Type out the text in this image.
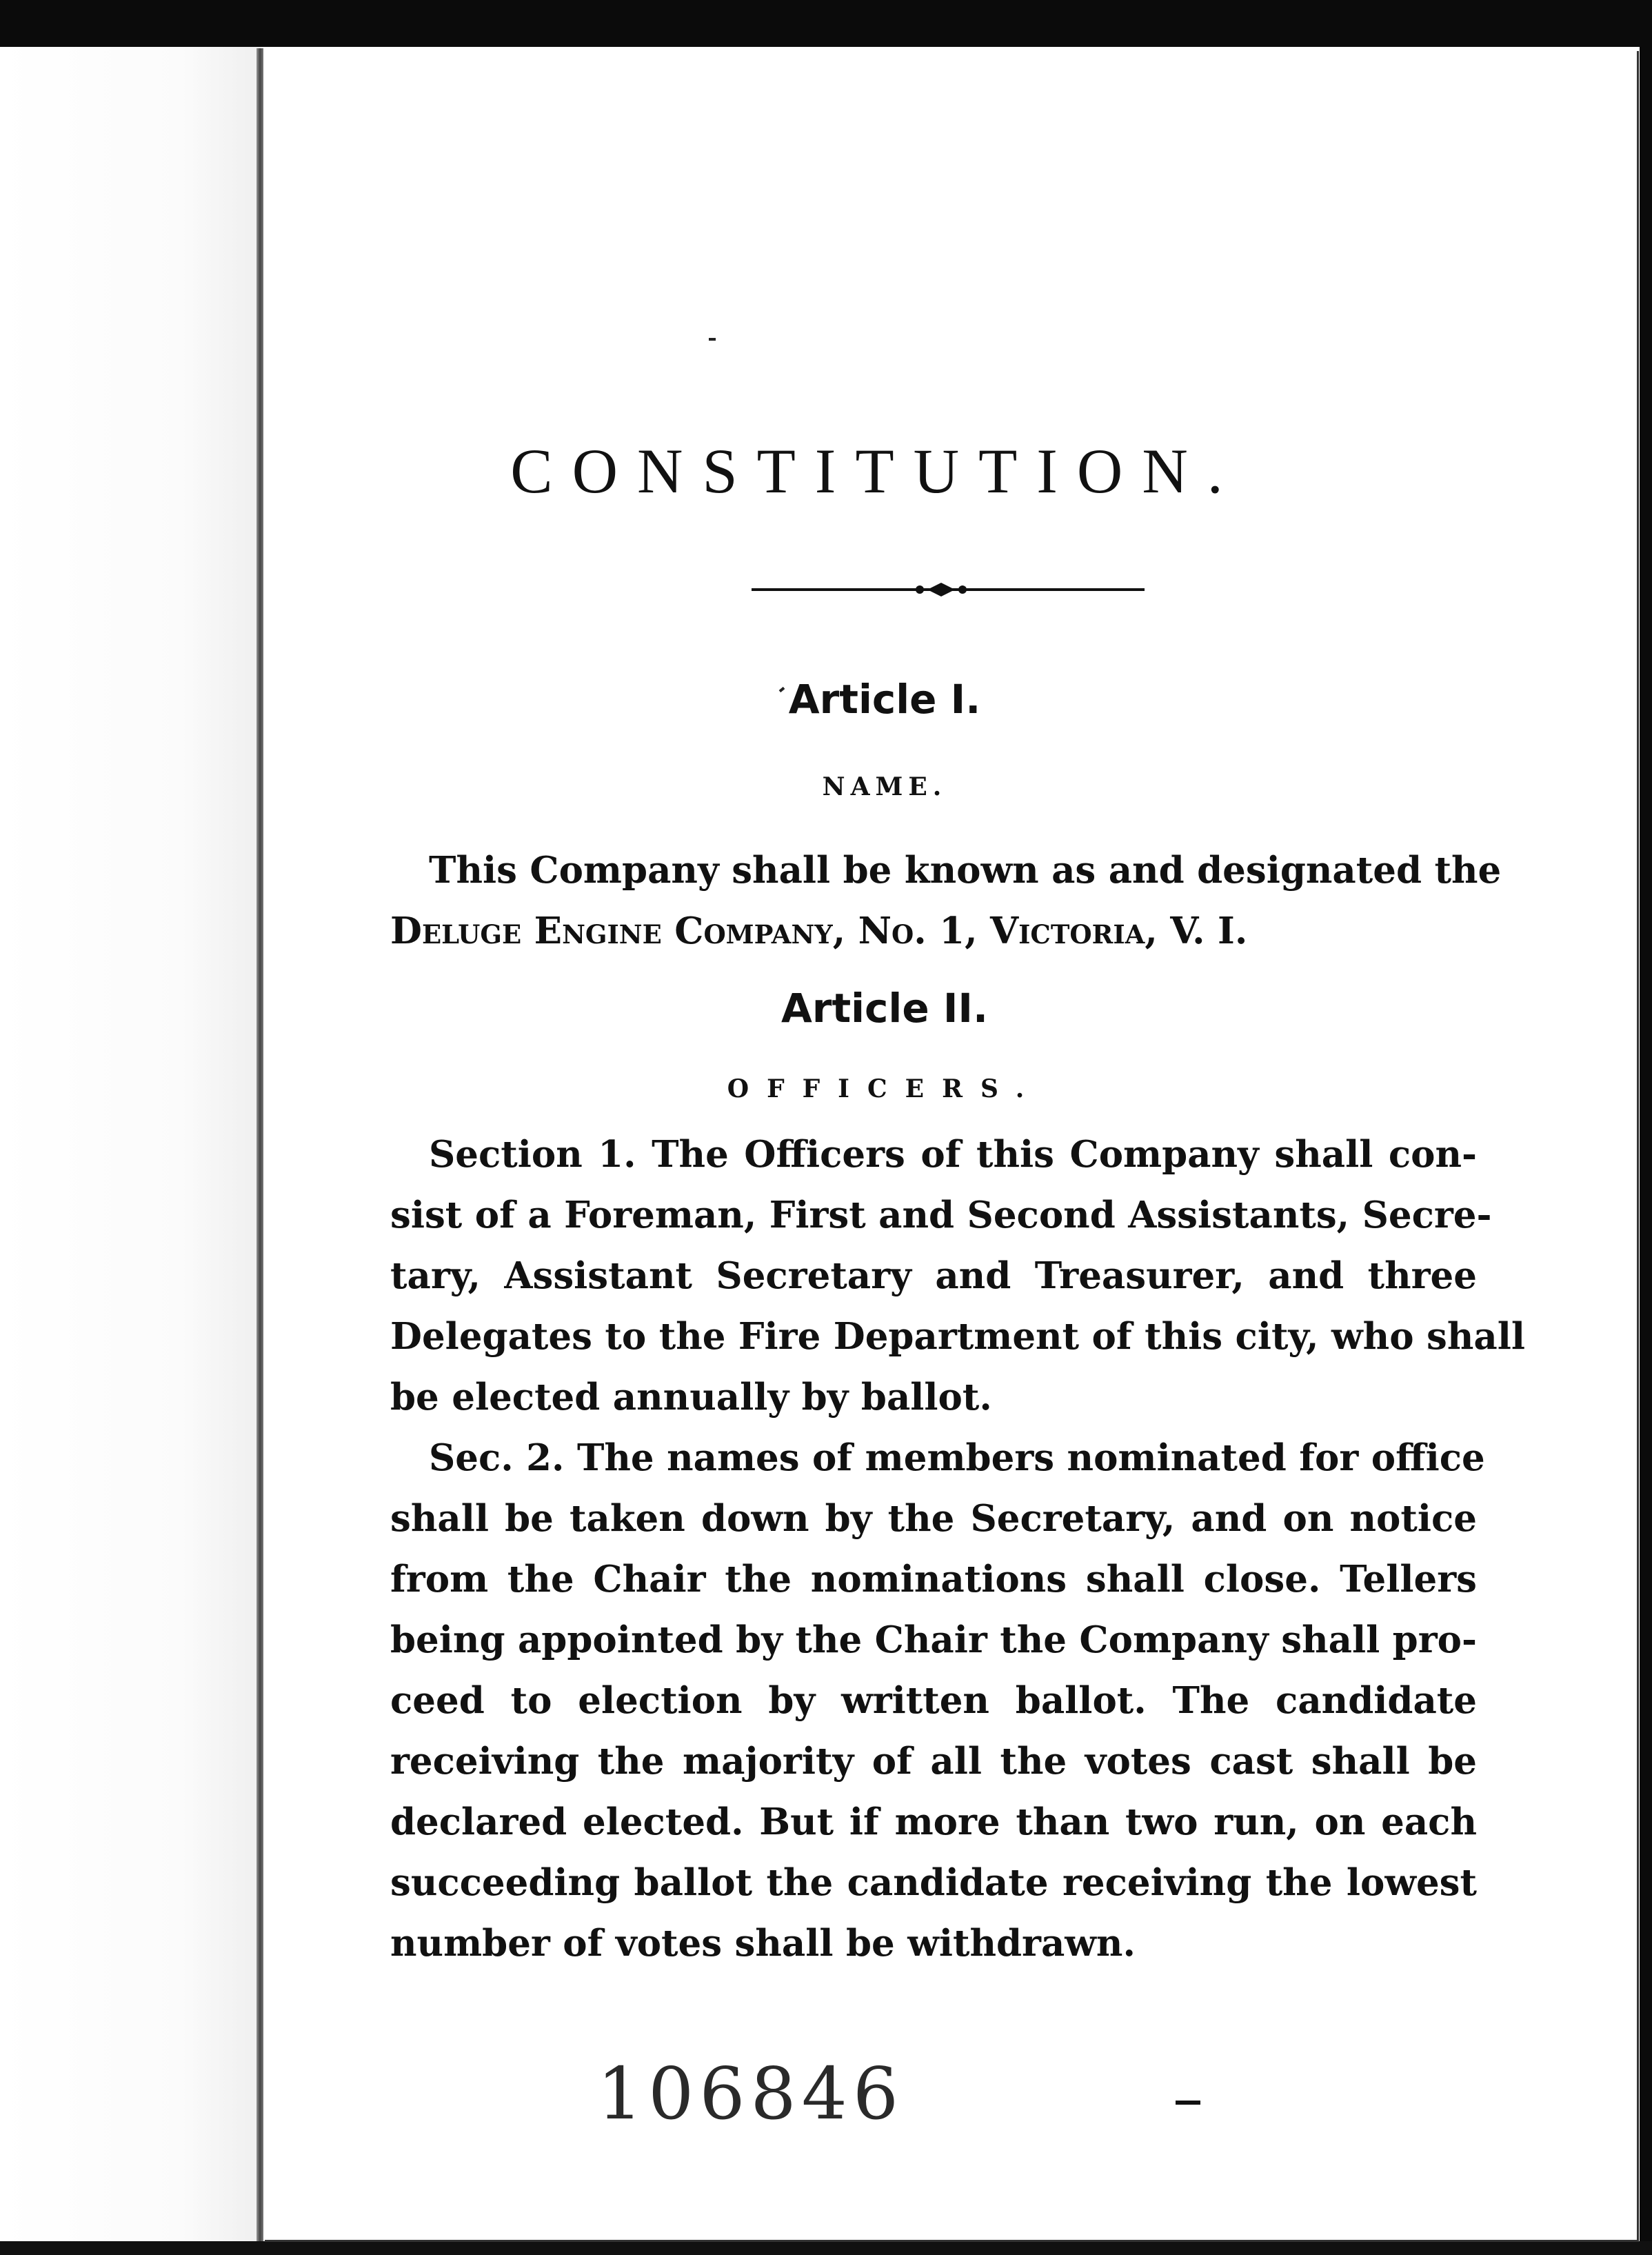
CONSTITUTION.
Article I.
NAME.
This Company shall be known as and designated the
Deluge Engine Company, No. 1, Victoria, V. I.
Article II.
OFFICERS.
Section 1. The Officers of this Company shall con-
sist of a Foreman, First and Second Assistants, Secre-
tary, Assistant Secretary and Treasurer, and three
Delegates to the Fire Department of this city, who shall
be elected annually by ballot.
Sec. 2. The names of members nominated for office
shall be taken down by the Secretary, and on notice
from the Chair the nominations shall close. Tellers
being appointed by the Chair the Company shall pro-
ceed to election by written ballot. The candidate
receiving the majority of all the votes cast shall be
declared elected. But if more than two run, on each
succeeding ballot the candidate receiving the lowest
number of votes shall be withdrawn.
106846
